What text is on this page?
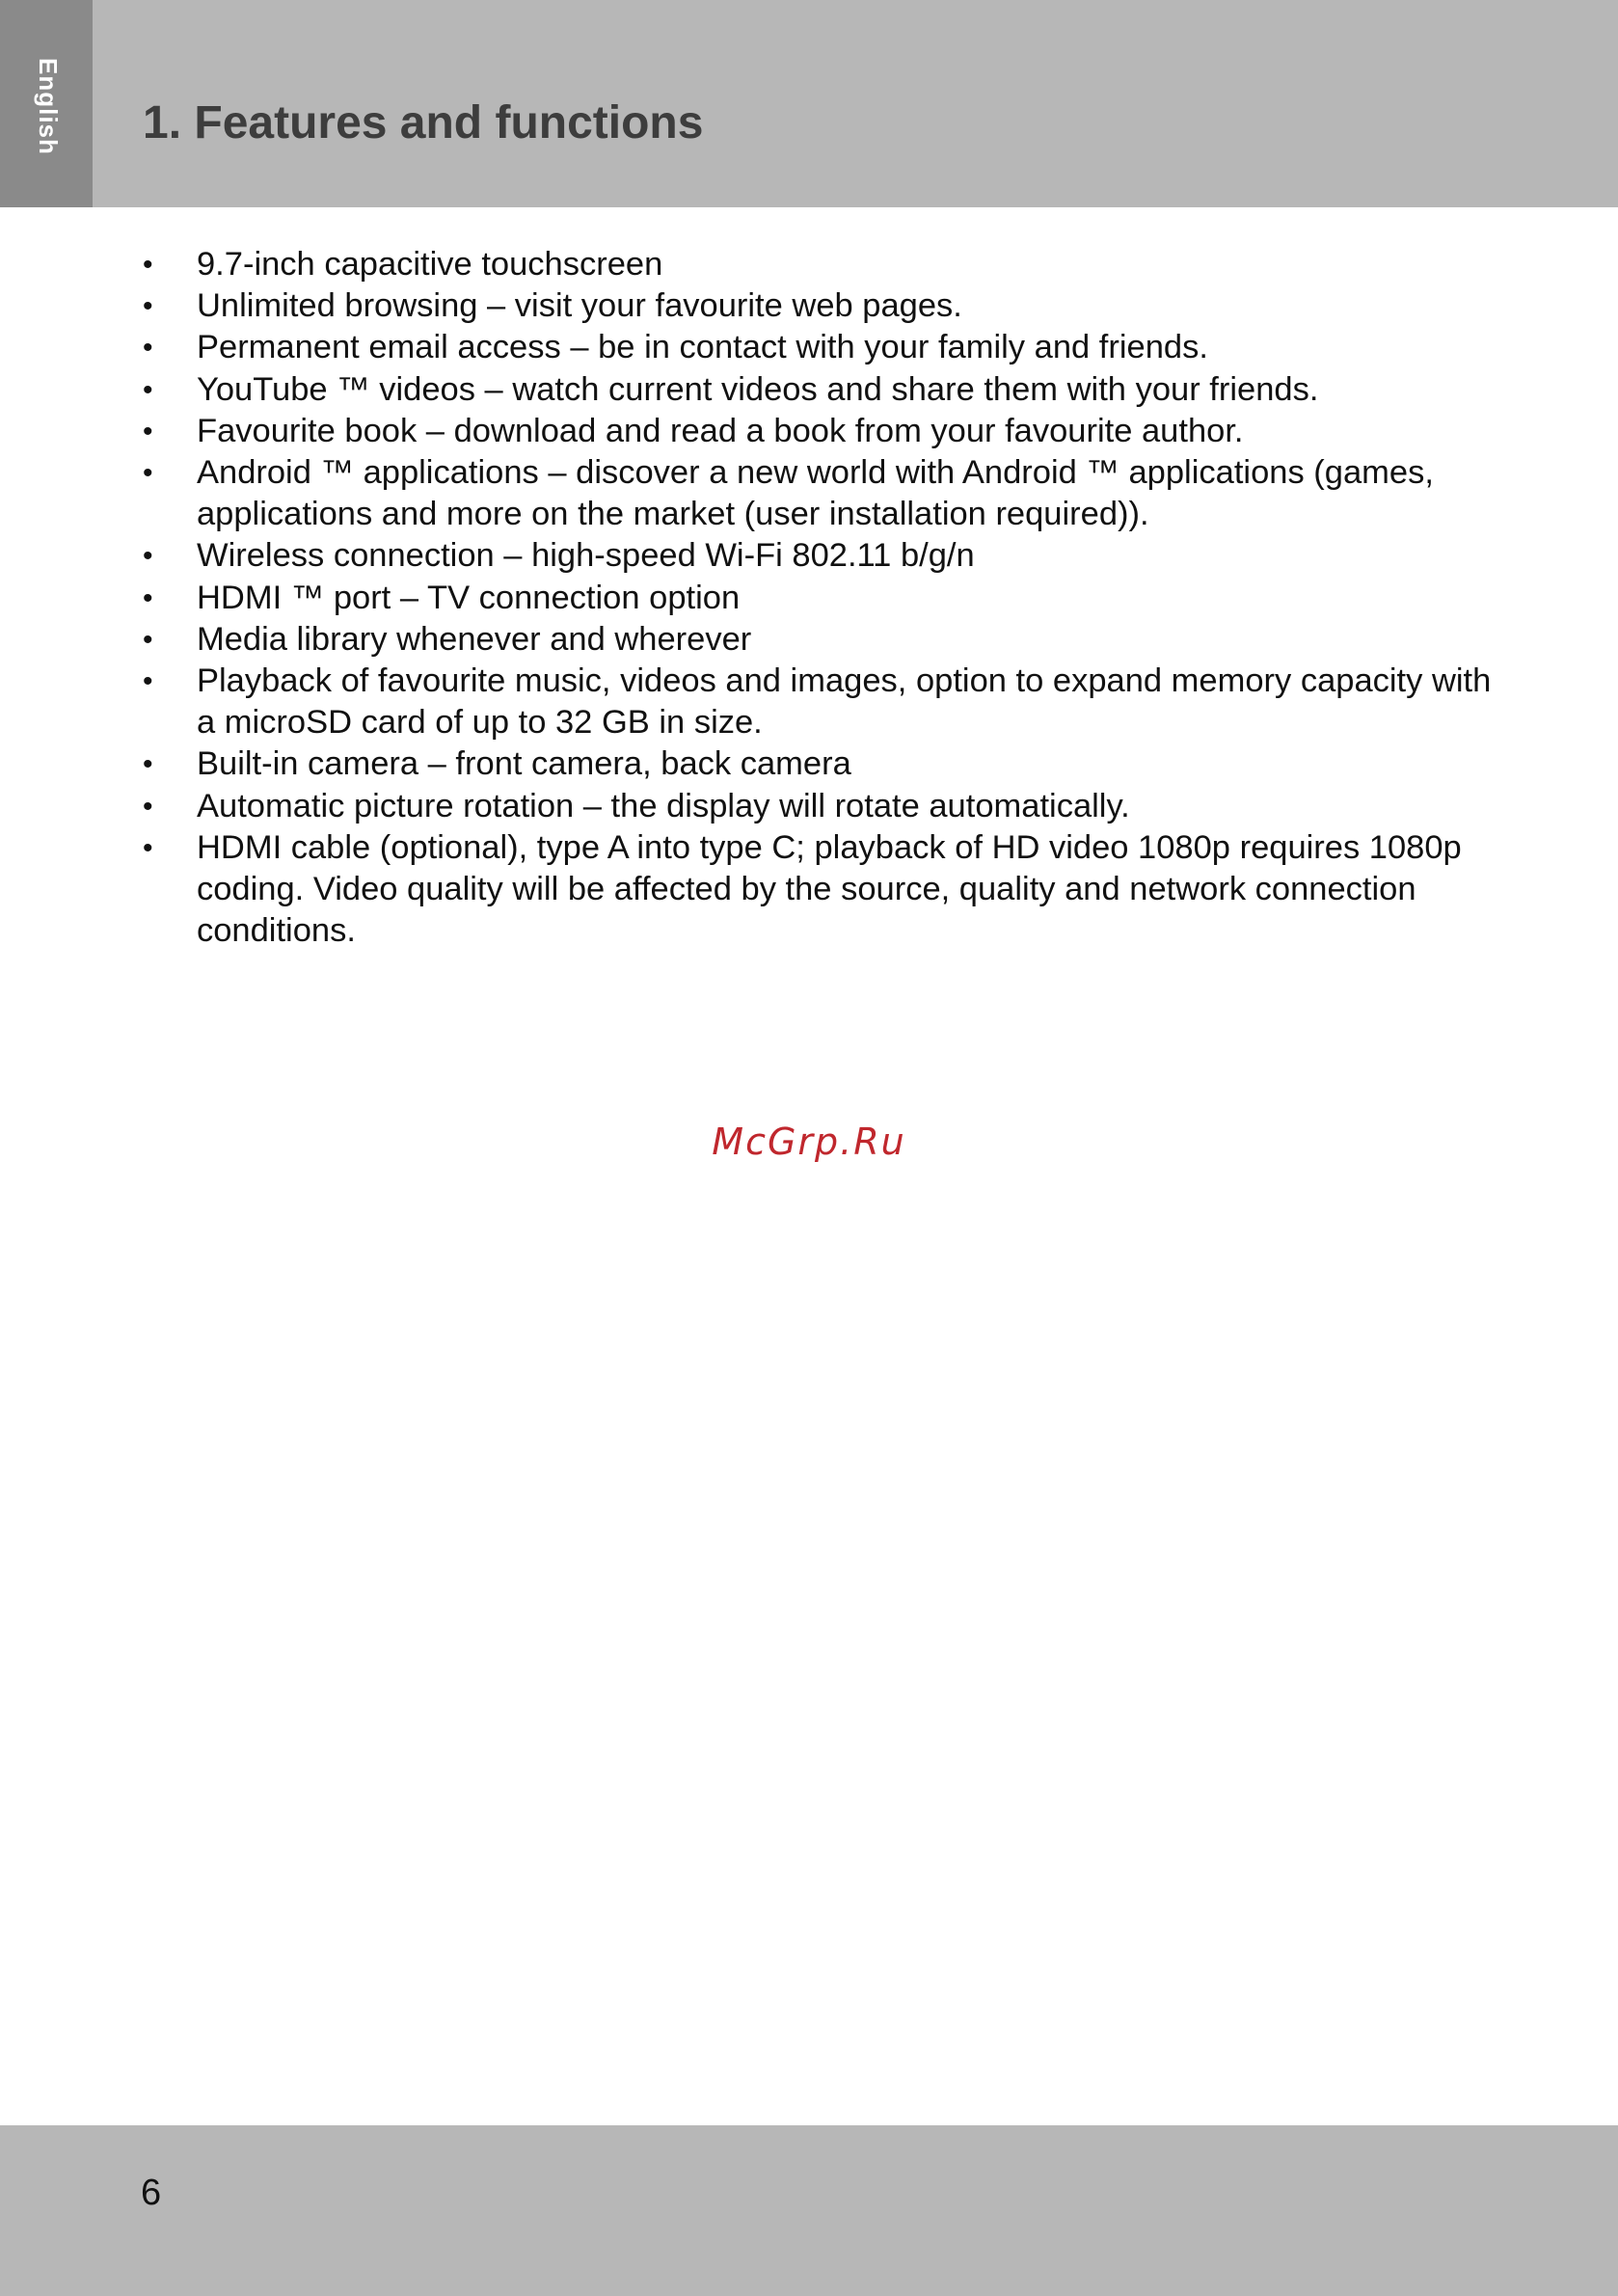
English 1. Features and functions
• 9.7-inch capacitive touchscreen
• Unlimited browsing – visit your favourite web pages.
• Permanent email access – be in contact with your family and friends.
• YouTube ™ videos – watch current videos and share them with your friends.
• Favourite book – download and read a book from your favourite author.
• Android ™ applications – discover a new world with Android ™ applications (games, applications and more on the market (user installation required)).
• Wireless connection – high-speed Wi-Fi 802.11 b/g/n
• HDMI ™ port – TV connection option
• Media library whenever and wherever
• Playback of favourite music, videos and images, option to expand memory capacity with a microSD card of up to 32 GB in size.
• Built-in camera – front camera, back camera
• Automatic picture rotation – the display will rotate automatically.
• HDMI cable (optional), type A into type C; playback of HD video 1080p requires 1080p coding. Video quality will be affected by the source, quality and network connection conditions.
McGrp.Ru
6
